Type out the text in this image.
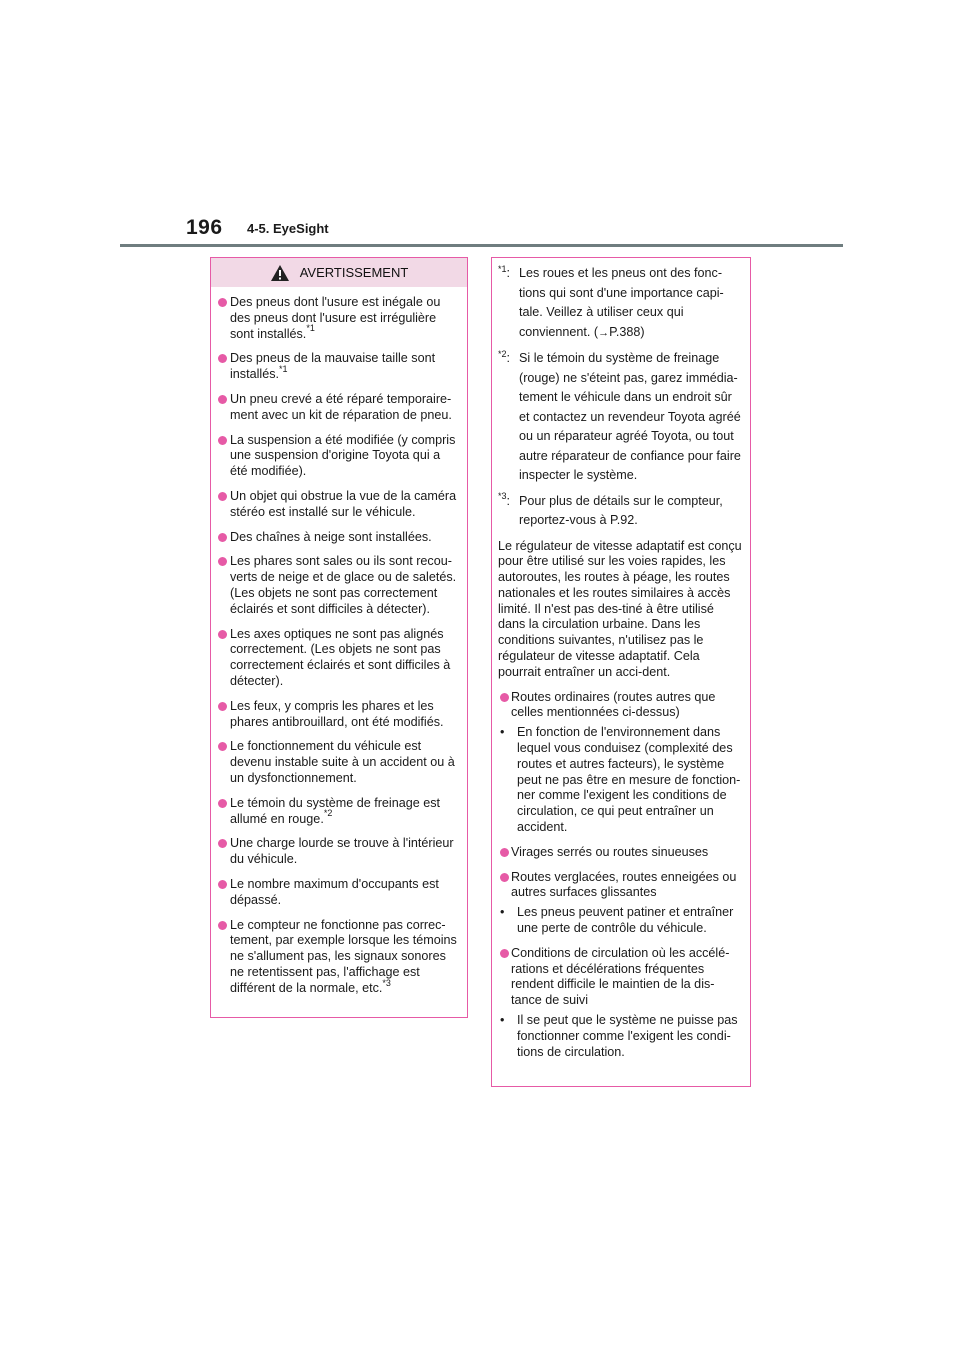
196 4-5. EyeSight
AVERTISSEMENT
Des pneus dont l'usure est inégale ou des pneus dont l'usure est irrégulière sont installés.$^{*1}$
Des pneus de la mauvaise taille sont installés.$^{*1}$
Un pneu crevé a été réparé temporaire-ment avec un kit de réparation de pneu.
La suspension a été modifiée (y compris une suspension d'origine Toyota qui a été modifiée).
Un objet qui obstrue la vue de la caméra stéréo est installé sur le véhicule.
Des chaînes à neige sont installées.
Les phares sont sales ou ils sont recou-verts de neige et de glace ou de saletés. (Les objets ne sont pas correctement éclairés et sont difficiles à détecter).
Les axes optiques ne sont pas alignés correctement. (Les objets ne sont pas correctement éclairés et sont difficiles à détecter).
Les feux, y compris les phares et les phares antibrouillard, ont été modifiés.
Le fonctionnement du véhicule est devenu instable suite à un accident ou à un dysfonctionnement.
Le témoin du système de freinage est allumé en rouge.$^{*2}$
Une charge lourde se trouve à l'intérieur du véhicule.
Le nombre maximum d'occupants est dépassé.
Le compteur ne fonctionne pas correc-tement, par exemple lorsque les témoins ne s'allument pas, les signaux sonores ne retentissent pas, l'affichage est différent de la normale, etc.$^{*3}$
$^{*1}$: Les roues et les pneus ont des fonc-tions qui sont d'une importance capi-tale. Veillez à utiliser ceux qui conviennent. (→P.388)
$^{*2}$: Si le témoin du système de freinage (rouge) ne s'éteint pas, garez immédia-tement le véhicule dans un endroit sûr et contactez un revendeur Toyota agréé ou un réparateur agréé Toyota, ou tout autre réparateur de confiance pour faire inspecter le système.
$^{*3}$: Pour plus de détails sur le compteur, reportez-vous à P.92.
Le régulateur de vitesse adaptatif est conçu pour être utilisé sur les voies rapides, les autoroutes, les routes à péage, les routes nationales et les routes similaires à accès limité. Il n'est pas des-tiné à être utilisé dans la circulation urbaine. Dans les conditions suivantes, n'utilisez pas le régulateur de vitesse adaptatif. Cela pourrait entraîner un acci-dent.
Routes ordinaires (routes autres que celles mentionnées ci-dessus)
• En fonction de l'environnement dans lequel vous conduisez (complexité des routes et autres facteurs), le système peut ne pas être en mesure de fonction-ner comme l'exigent les conditions de circulation, ce qui peut entraîner un accident.
Virages serrés ou routes sinueuses
Routes verglacées, routes enneigées ou autres surfaces glissantes
• Les pneus peuvent patiner et entraîner une perte de contrôle du véhicule.
Conditions de circulation où les accélé-rations et décélérations fréquentes rendent difficile le maintien de la dis-tance de suivi
• Il se peut que le système ne puisse pas fonctionner comme l'exigent les condi-tions de circulation.
